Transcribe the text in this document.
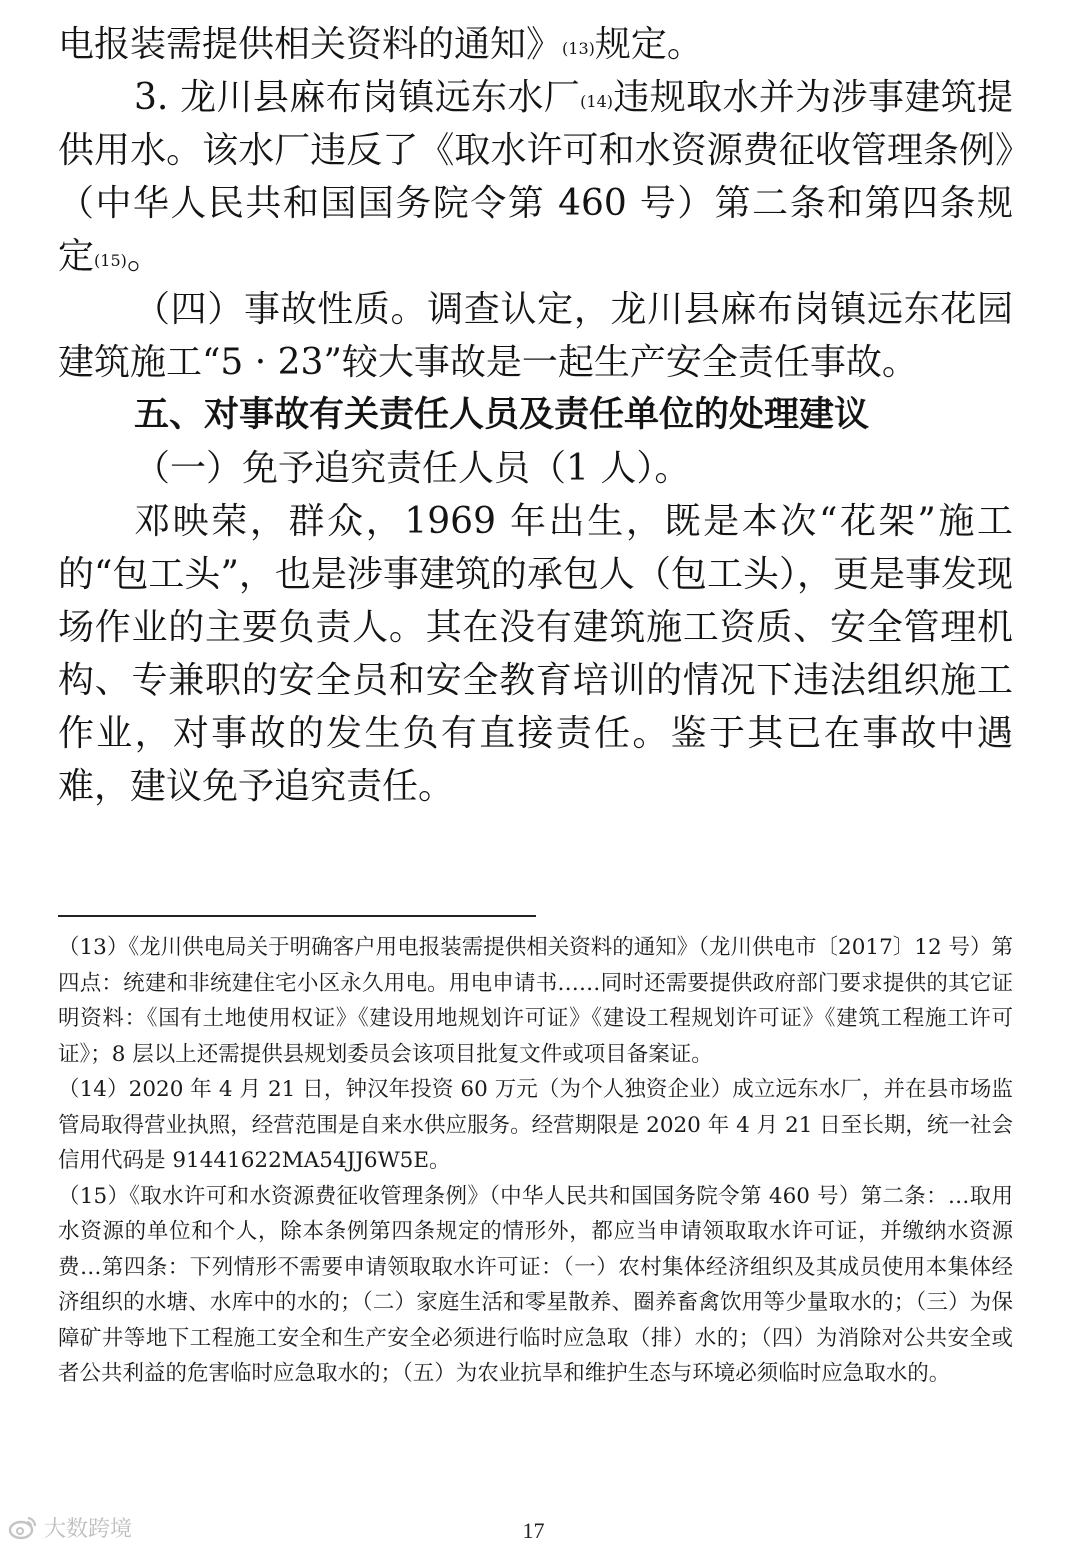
电报装需提供相关资料的通知》$^{(13)}$规定。

3. 龙川县麻布岗镇远东水厂$^{(14)}$违规取水并为涉事建筑提供用水。该水厂违反了《取水许可和水资源费征收管理条例》（中华人民共和国国务院令第 460 号）第二条和第四条规定$^{(15)}$。

（四）事故性质。调查认定，龙川县麻布岗镇远东花园建筑施工“5 · 23”较大事故是一起生产安全责任事故。

五、对事故有关责任人员及责任单位的处理建议

（一）免予追究责任人员（1 人）。

邓映荣，群众，1969 年出生，既是本次“花架”施工的“包工头”，也是涉事建筑的承包人（包工头），更是事发现场作业的主要负责人。其在没有建筑施工资质、安全管理机构、专兼职的安全员和安全教育培训的情况下违法组织施工作业，对事故的发生负有直接责任。鉴于其已在事故中遇难，建议免予追究责任。

（13）《龙川供电局关于明确客户用电报装需提供相关资料的通知》（龙川供电市〔2017〕12 号）第四点：统建和非统建住宅小区永久用电。用电申请书……同时还需要提供政府部门要求提供的其它证明资料：《国有土地使用权证》《建设用地规划许可证》《建设工程规划许可证》《建筑工程施工许可证》；8 层以上还需提供县规划委员会该项目批复文件或项目备案证。

（14）2020 年 4 月 21 日，钟汉年投资 60 万元（为个人独资企业）成立远东水厂，并在县市场监管局取得营业执照，经营范围是自来水供应服务。经营期限是 2020 年 4 月 21 日至长期，统一社会信用代码是 91441622MA54JJ6W5E。

（15）《取水许可和水资源费征收管理条例》（中华人民共和国国务院令第 460 号）第二条：…取用水资源的单位和个人，除本条例第四条规定的情形外，都应当申请领取取水许可证，并缴纳水资源费…第四条：下列情形不需要申请领取取水许可证：（一）农村集体经济组织及其成员使用本集体经济组织的水塘、水库中的水的；（二）家庭生活和零星散养、圈养畜禽饮用等少量取水的；（三）为保障矿井等地下工程施工安全和生产安全必须进行临时应急取（排）水的；（四）为消除对公共安全或者公共利益的危害临时应急取水的；（五）为农业抗旱和维护生态与环境必须临时应急取水的。

大数跨境	17
